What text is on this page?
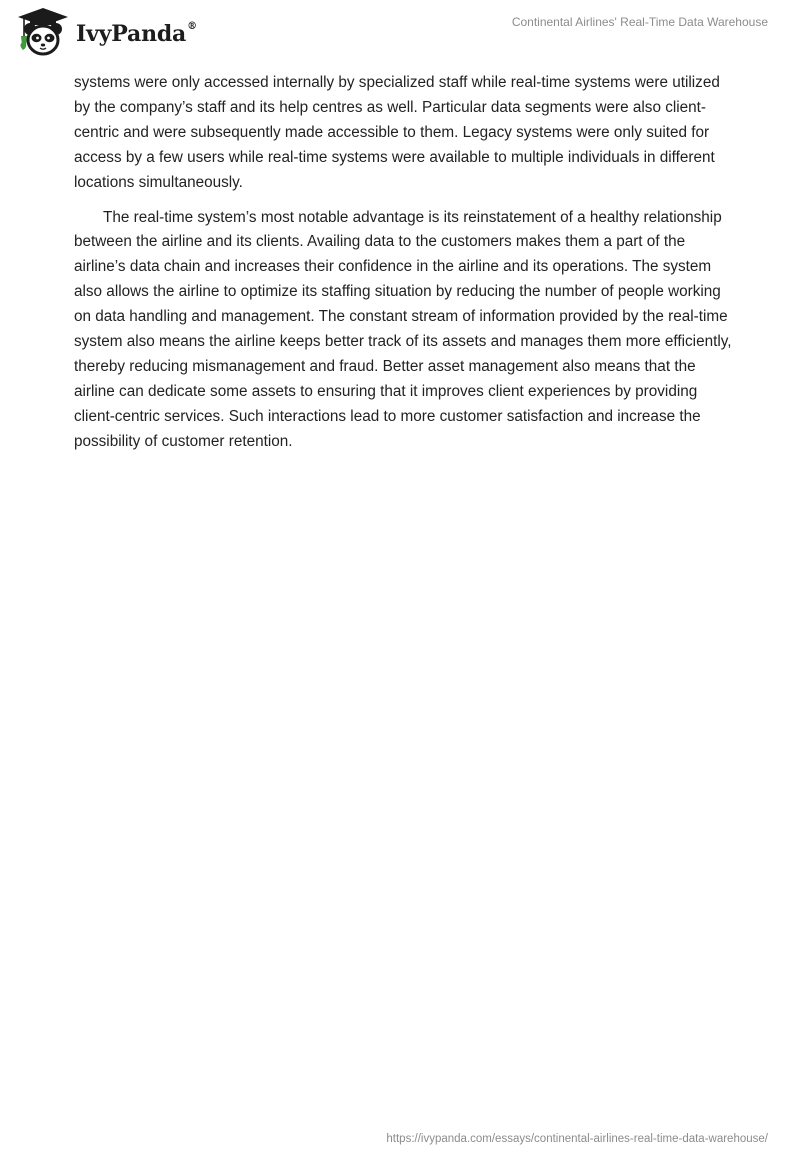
IvyPanda®	Continental Airlines' Real-Time Data Warehouse

systems were only accessed internally by specialized staff while real-time systems were utilized by the company’s staff and its help centres as well. Particular data segments were also client-centric and were subsequently made accessible to them. Legacy systems were only suited for access by a few users while real-time systems were available to multiple individuals in different locations simultaneously.

The real-time system’s most notable advantage is its reinstatement of a healthy relationship between the airline and its clients. Availing data to the customers makes them a part of the airline’s data chain and increases their confidence in the airline and its operations. The system also allows the airline to optimize its staffing situation by reducing the number of people working on data handling and management. The constant stream of information provided by the real-time system also means the airline keeps better track of its assets and manages them more efficiently, thereby reducing mismanagement and fraud. Better asset management also means that the airline can dedicate some assets to ensuring that it improves client experiences by providing client-centric services. Such interactions lead to more customer satisfaction and increase the possibility of customer retention.

https://ivypanda.com/essays/continental-airlines-real-time-data-warehouse/
